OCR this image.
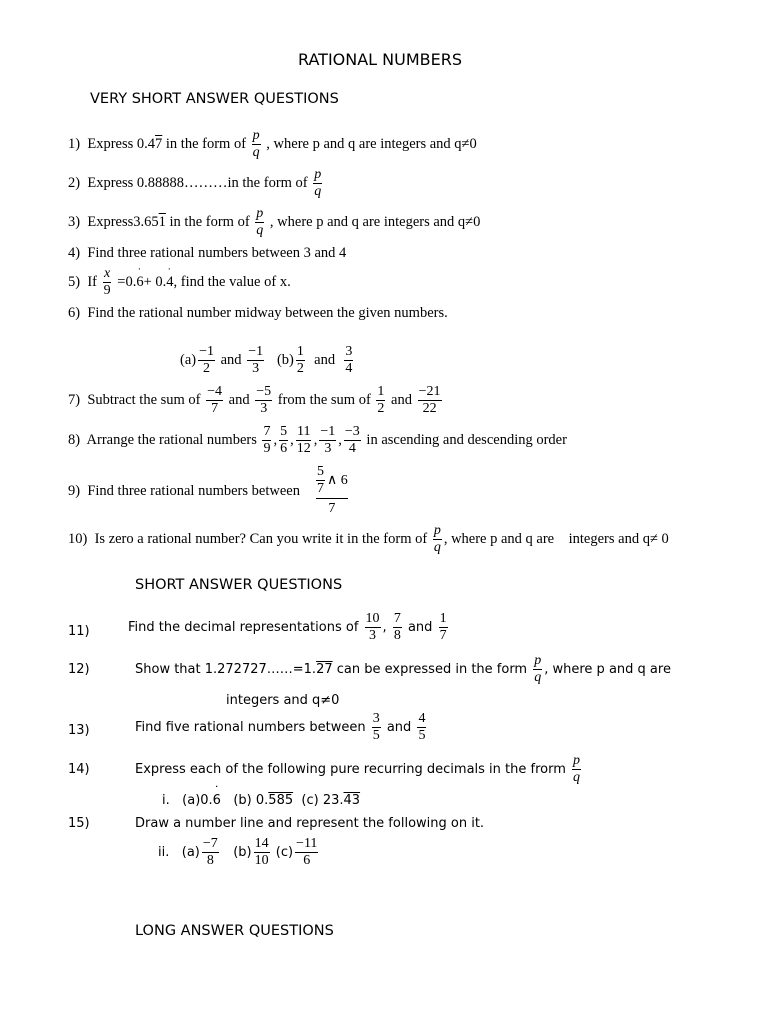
RATIONAL NUMBERS
VERY SHORT ANSWER QUESTIONS
1) Express 0.47 in the form of $\frac{p}{q}$ , where p and q are integers and q≠0
2) Express 0.88888………in the form of $\frac{p}{q}$
3) Express3.651 in the form of $\frac{p}{q}$ , where p and q are integers and q≠0
4) Find three rational numbers between 3 and 4
5) If $\frac{x}{9} =0.6$ ˙+ 0.4 ˙, find the value of x.
6) Find the rational number midway between the given numbers.
$(a) \frac{-1}{2}$ and $\frac{-1}{3} (b) \frac{1}{2}$ and $\frac{3}{4}$
7) Subtract the sum of $\frac{-4}{7}$ and $\frac{-5}{3}$ from the sum of $\frac{1}{2}$ and $\frac{-21}{22}$
8) Arrange the rational numbers $\frac{7}{9}$ , $\frac{5}{6}$ , $\frac{11}{12}$ , $\frac{-1}{3}$ , $\frac{-3}{4}$ in ascending and descending order
9) Find three rational numbers between $\frac{5}{7}$ ∧ 6
7
10) Is zero a rational number? Can you write it in the form of $\frac{p}{q}$ , where p and q are integers and q≠ 0
SHORT ANSWER QUESTIONS
11)	Find the decimal representations of $\frac{10}{3}$ , $\frac{7}{8}$ and $\frac{1}{7}$
12)	Show that 1.272727……=1.27 can be expressed in the form $\frac{p}{q}$ , where p and q are
integers and q≠0
13)	Find five rational numbers between $\frac{3}{5}$ and $\frac{4}{5}$
14)	Express each of the following pure recurring decimals in the frorm $\frac{p}{q}$
i. (a)0.6 ˙ (b) 0.585 (c) 23.43
15)	Draw a number line and represent the following on it.
ii. $(a) \frac{-7}{8} (b) \frac{14}{10} (c) \frac{-11}{6}$
LONG ANSWER QUESTIONS
